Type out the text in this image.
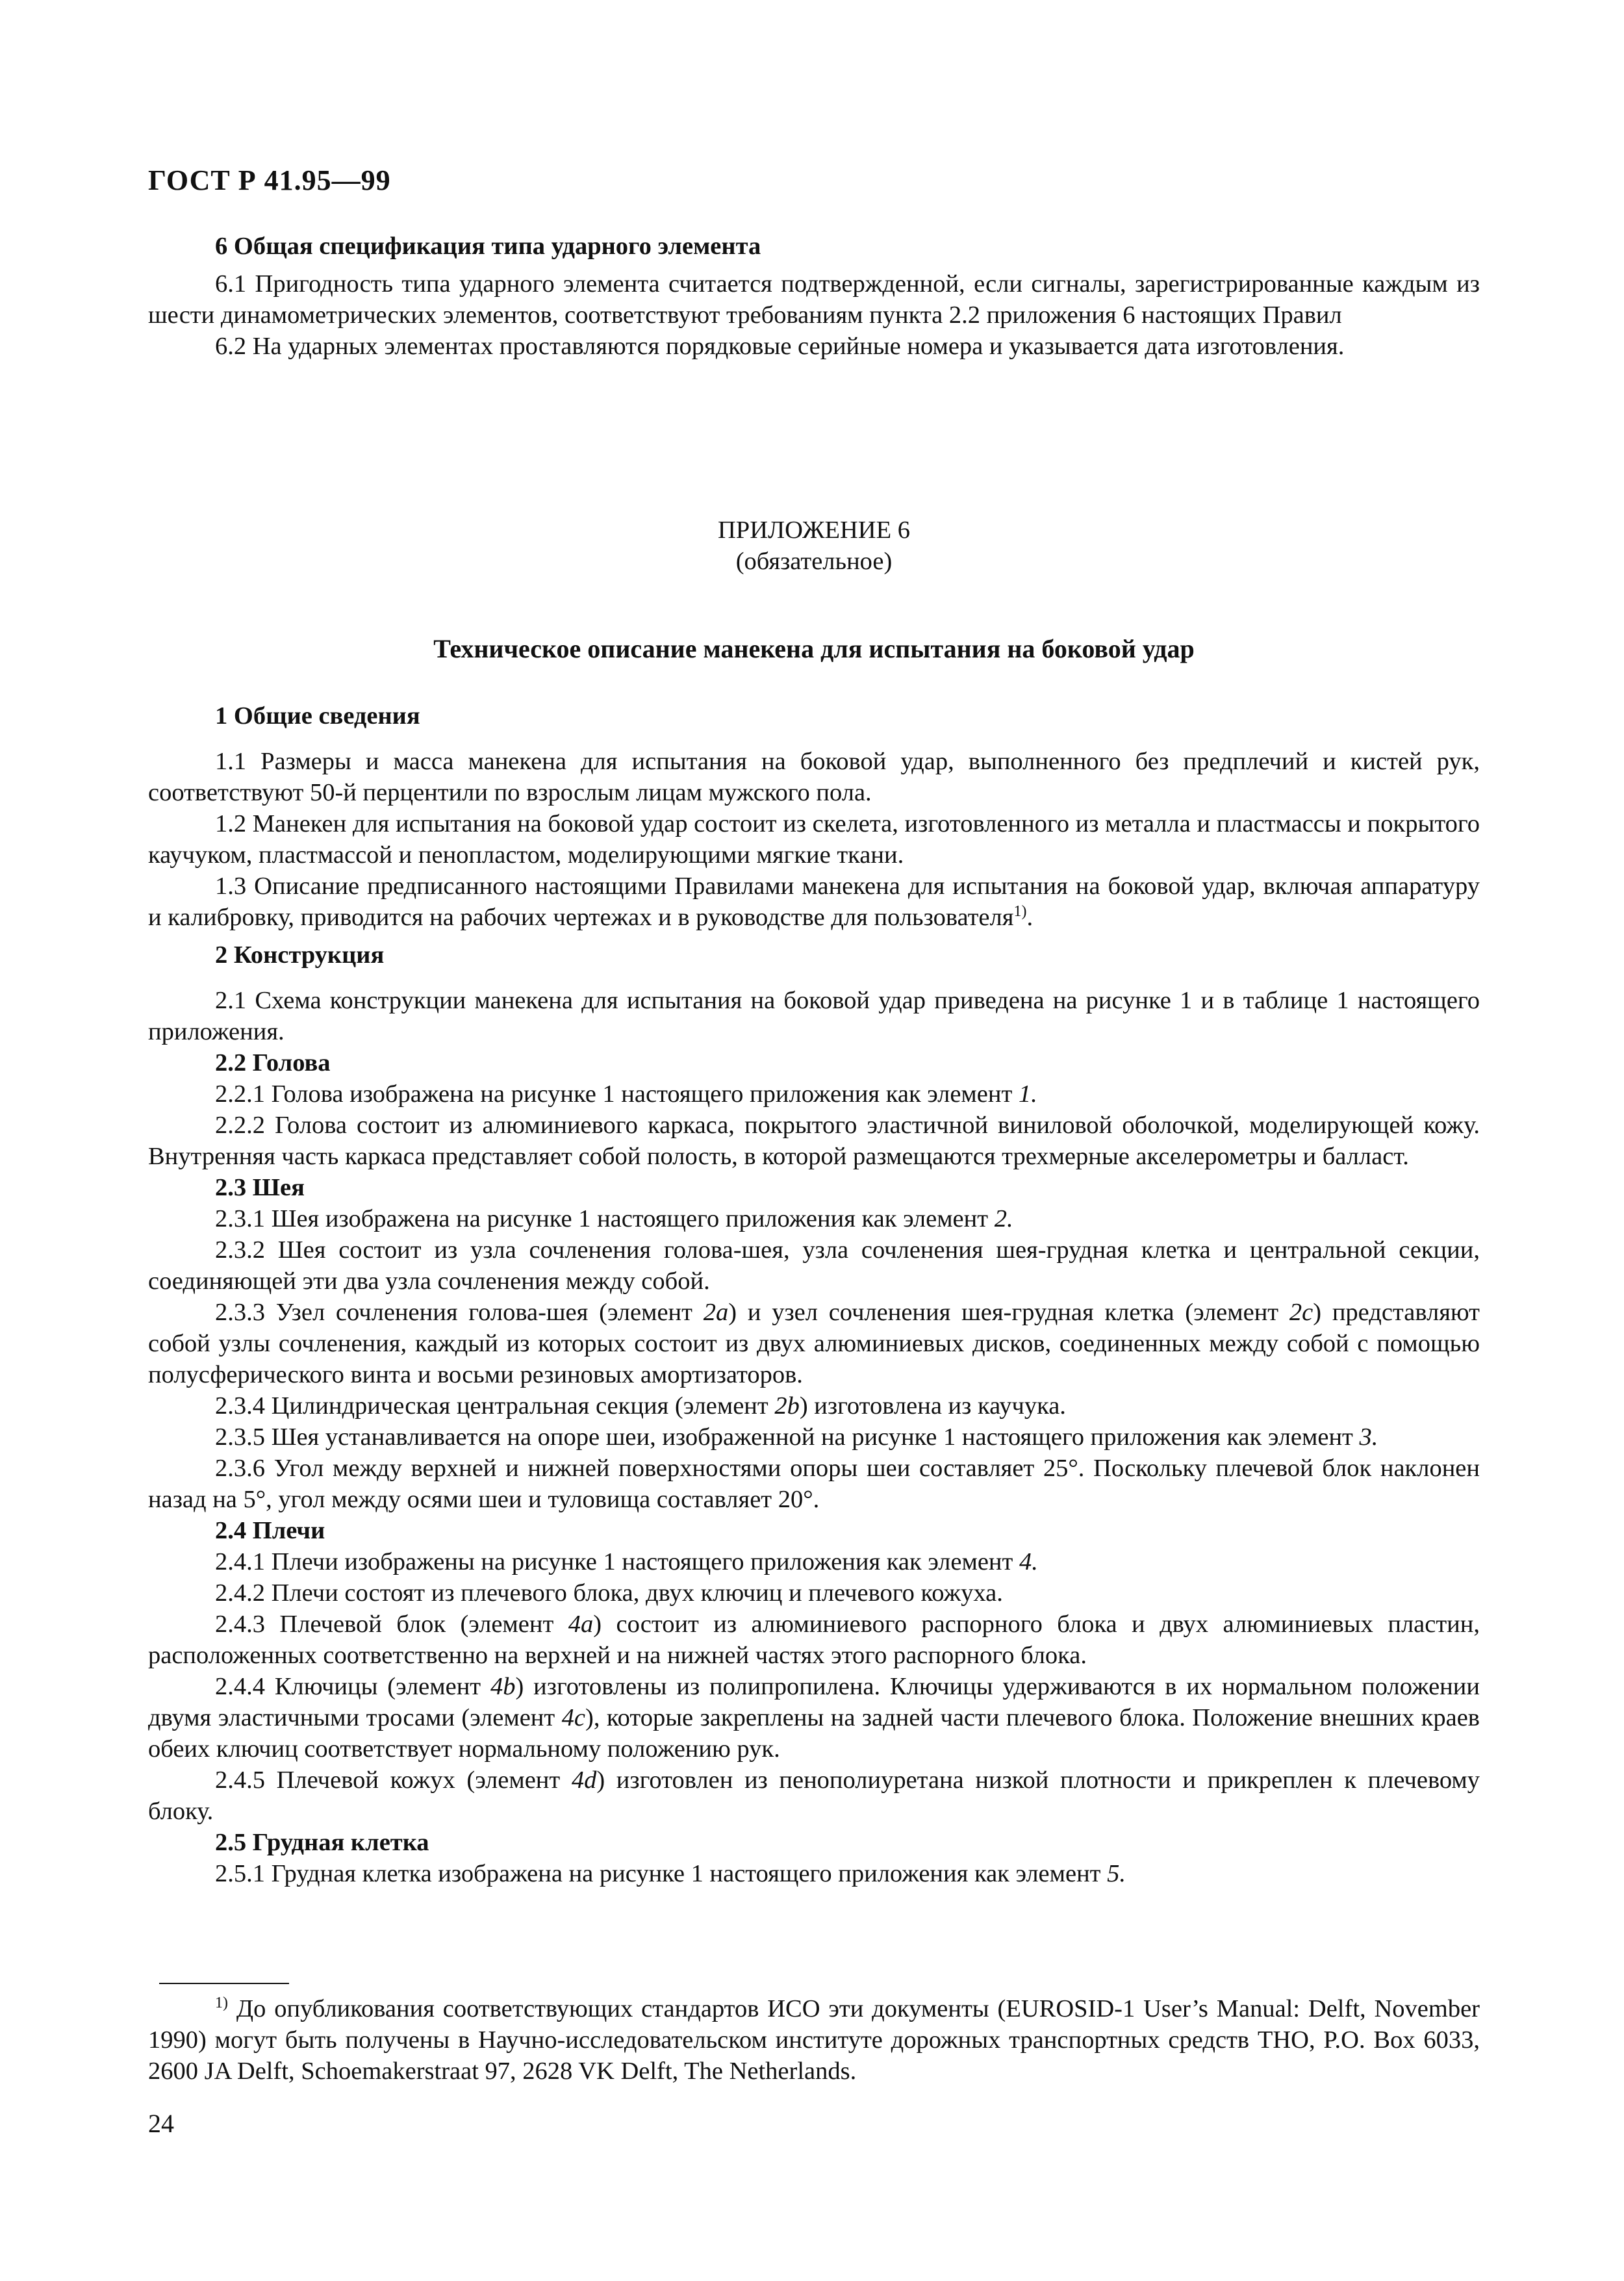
ГОСТ Р 41.95—99

6 Общая спецификация типа ударного элемента

6.1 Пригодность типа ударного элемента считается подтвержденной, если сигналы, зарегистрированные каждым из шести динамометрических элементов, соответствуют требованиям пункта 2.2 приложения 6 настоящих Правил

6.2 На ударных элементах проставляются порядковые серийные номера и указывается дата изготовления.

ПРИЛОЖЕНИЕ 6
(обязательное)
Техническое описание манекена для испытания на боковой удар

1 Общие сведения

1.1 Размеры и масса манекена для испытания на боковой удар, выполненного без предплечий и кистей рук, соответствуют 50-й перцентили по взрослым лицам мужского пола.

1.2 Манекен для испытания на боковой удар состоит из скелета, изготовленного из металла и пластмассы и покрытого каучуком, пластмассой и пенопластом, моделирующими мягкие ткани.

1.3 Описание предписанного настоящими Правилами манекена для испытания на боковой удар, включая аппаратуру и калибровку, приводится на рабочих чертежах и в руководстве для пользователя$^{1)}$.

2 Конструкция

2.1 Схема конструкции манекена для испытания на боковой удар приведена на рисунке 1 и в таблице 1 настоящего приложения.

2.2 Голова

2.2.1 Голова изображена на рисунке 1 настоящего приложения как элемент 1.

2.2.2 Голова состоит из алюминиевого каркаса, покрытого эластичной виниловой оболочкой, моделирующей кожу. Внутренняя часть каркаса представляет собой полость, в которой размещаются трехмерные акселерометры и балласт.

2.3 Шея

2.3.1 Шея изображена на рисунке 1 настоящего приложения как элемент 2.

2.3.2 Шея состоит из узла сочленения голова-шея, узла сочленения шея-грудная клетка и центральной секции, соединяющей эти два узла сочленения между собой.

2.3.3 Узел сочленения голова-шея (элемент 2a) и узел сочленения шея-грудная клетка (элемент 2c) представляют собой узлы сочленения, каждый из которых состоит из двух алюминиевых дисков, соединенных между собой с помощью полусферического винта и восьми резиновых амортизаторов.

2.3.4 Цилиндрическая центральная секция (элемент 2b) изготовлена из каучука.

2.3.5 Шея устанавливается на опоре шеи, изображенной на рисунке 1 настоящего приложения как элемент 3.

2.3.6 Угол между верхней и нижней поверхностями опоры шеи составляет 25°. Поскольку плечевой блок наклонен назад на 5°, угол между осями шеи и туловища составляет 20°.

2.4 Плечи

2.4.1 Плечи изображены на рисунке 1 настоящего приложения как элемент 4.

2.4.2 Плечи состоят из плечевого блока, двух ключиц и плечевого кожуха.

2.4.3 Плечевой блок (элемент 4a) состоит из алюминиевого распорного блока и двух алюминиевых пластин, расположенных соответственно на верхней и на нижней частях этого распорного блока.

2.4.4 Ключицы (элемент 4b) изготовлены из полипропилена. Ключицы удерживаются в их нормальном положении двумя эластичными тросами (элемент 4c), которые закреплены на задней части плечевого блока. Положение внешних краев обеих ключиц соответствует нормальному положению рук.

2.4.5 Плечевой кожух (элемент 4d) изготовлен из пенополиуретана низкой плотности и прикреплен к плечевому блоку.

2.5 Грудная клетка

2.5.1 Грудная клетка изображена на рисунке 1 настоящего приложения как элемент 5.

$^{1)}$ До опубликования соответствующих стандартов ИСО эти документы (EUROSID-1 User’s Manual: Delft, November 1990) могут быть получены в Научно-исследовательском институте дорожных транспортных средств THO, P.O. Box 6033, 2600 JA Delft, Schoemakerstraat 97, 2628 VK Delft, The Netherlands.
24
